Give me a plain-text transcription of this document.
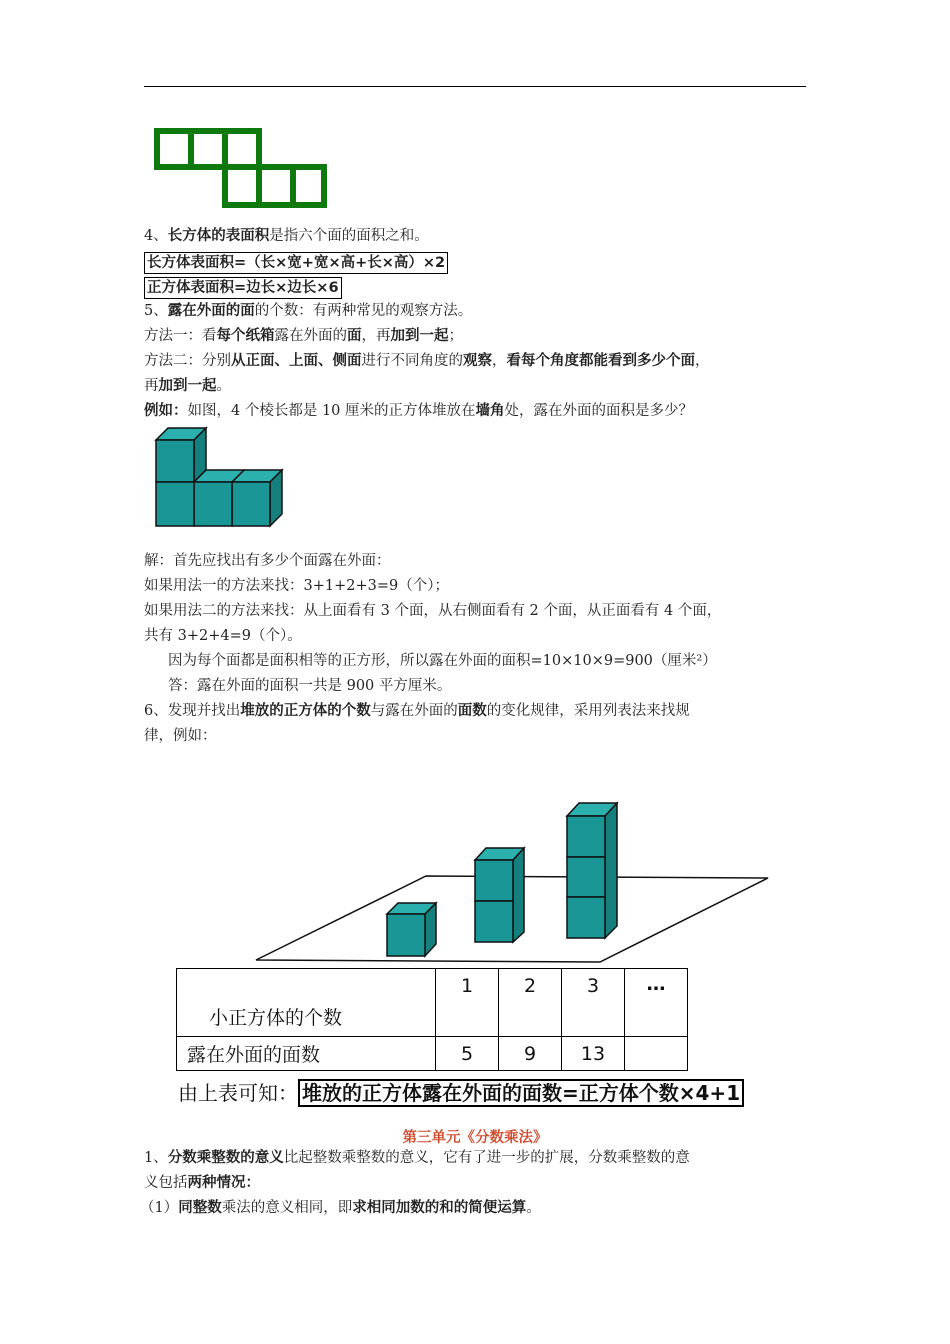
4、长方体的表面积是指六个面的面积之和。

长方体表面积=（长×宽+宽×高+长×高）×2
正方体表面积=边长×边长×6

5、露在外面的面的个数：有两种常见的观察方法。

方法一：看每个纸箱露在外面的面，再加到一起；

方法二：分别从正面、上面、侧面进行不同角度的观察，看每个角度都能看到多少个面，

再加到一起。

例如：如图，4 个棱长都是 10 厘米的正方体堆放在墙角处，露在外面的面积是多少？

解：首先应找出有多少个面露在外面：

如果用法一的方法来找：3+1+2+3=9（个）；

如果用法二的方法来找：从上面看有 3 个面，从右侧面看有 2 个面，从正面看有 4 个面，

共有 3+2+4=9（个）。

因为每个面都是面积相等的正方形，所以露在外面的面积=10×10×9=900（厘米²）

答：露在外面的面积一共是 900 平方厘米。

6、发现并找出堆放的正方体的个数与露在外面的面数的变化规律，采用列表法来找规

律，例如：

小正方体的个数	1	2	3	…
露在外面的面数	5	9	13	
由上表可知： 堆放的正方体露在外面的面数=正方体个数×4+1
第三单元《分数乘法》

1、分数乘整数的意义比起整数乘整数的意义，它有了进一步的扩展，分数乘整数的意

义包括两种情况：

（1）同整数乘法的意义相同，即求相同加数的和的简便运算。
